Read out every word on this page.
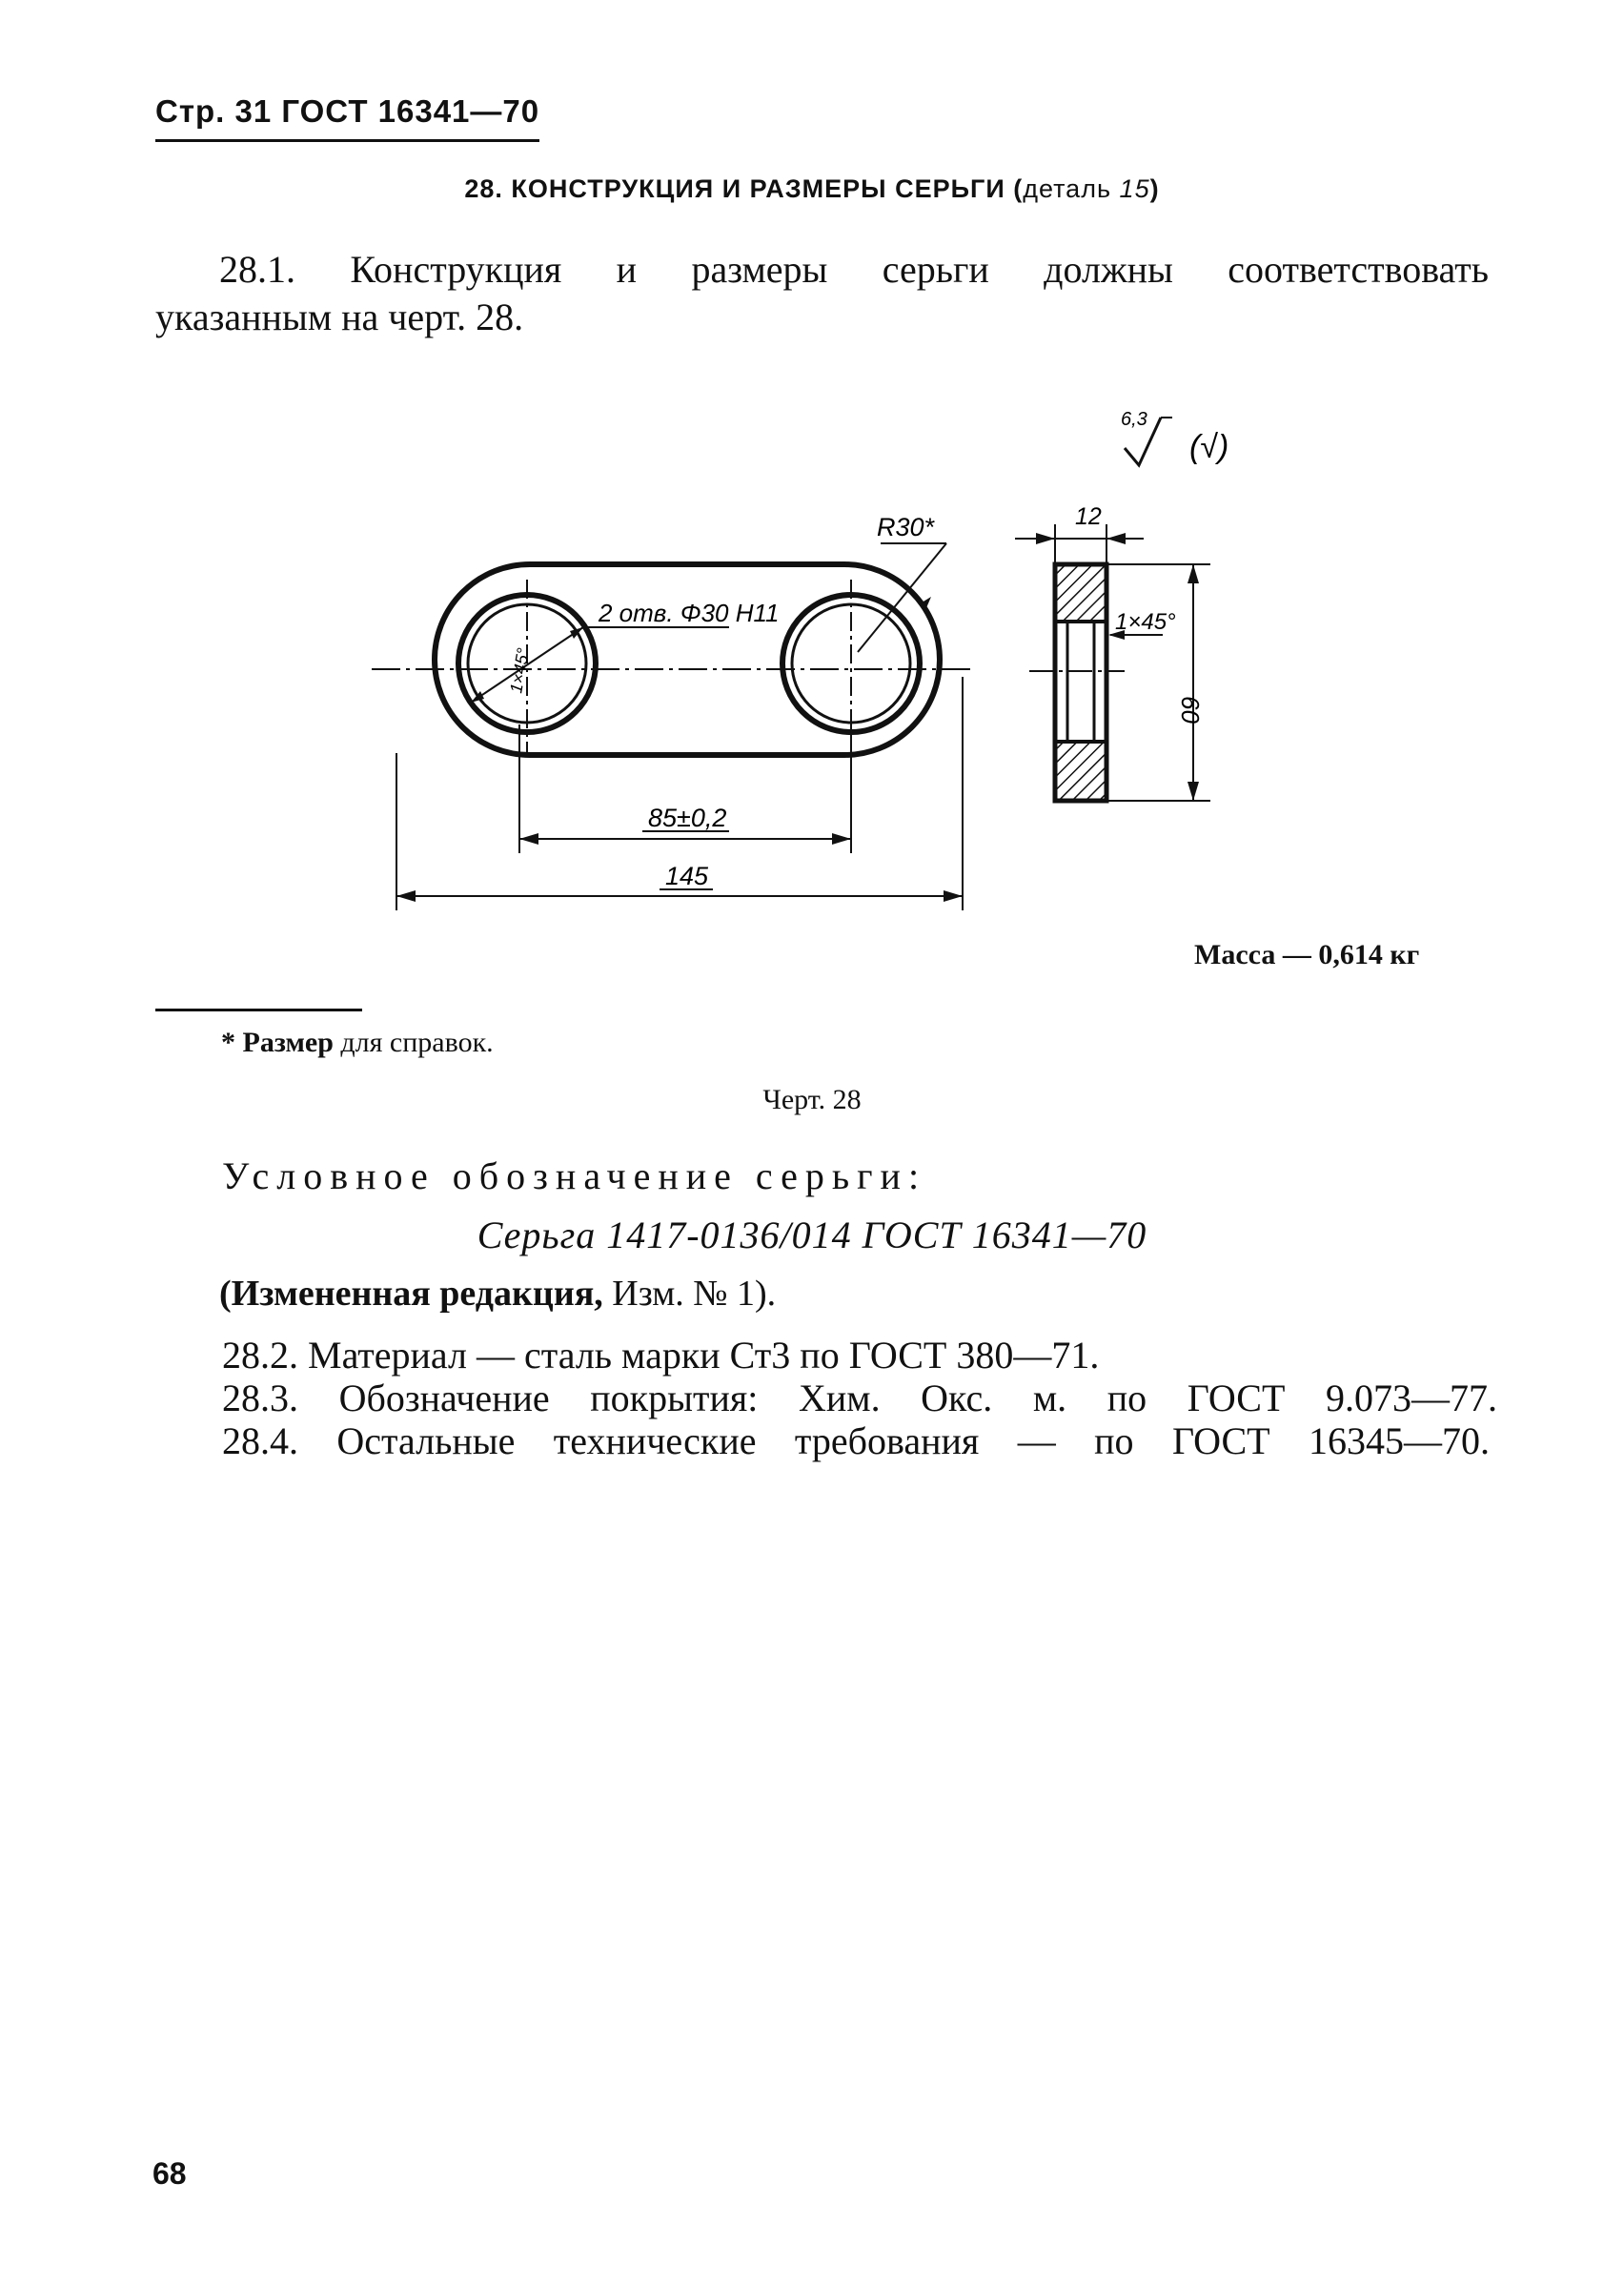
Стр. 31 ГОСТ 16341—70
28. КОНСТРУКЦИЯ И РАЗМЕРЫ СЕРЬГИ (деталь 15)
28.1. Конструкция и размеры серьги должны соответствовать
указанным на черт. 28.
6,3
(√)
2 отв. Φ30 H11
1×45°
R30*
85±0,2
145
12
1×45°
60
Масса — 0,614 кг
* Размер для справок.
Черт. 28
Условное обозначение серьги:
Серьга 1417-0136/014 ГОСТ 16341—70
(Измененная редакция, Изм. № 1).
28.2. Материал — сталь марки Ст3 по ГОСТ 380—71.
28.3. Обозначение покрытия: Хим. Окс. м. по ГОСТ 9.073—77.
28.4. Остальные технические требования — по ГОСТ 16345—70.
68
